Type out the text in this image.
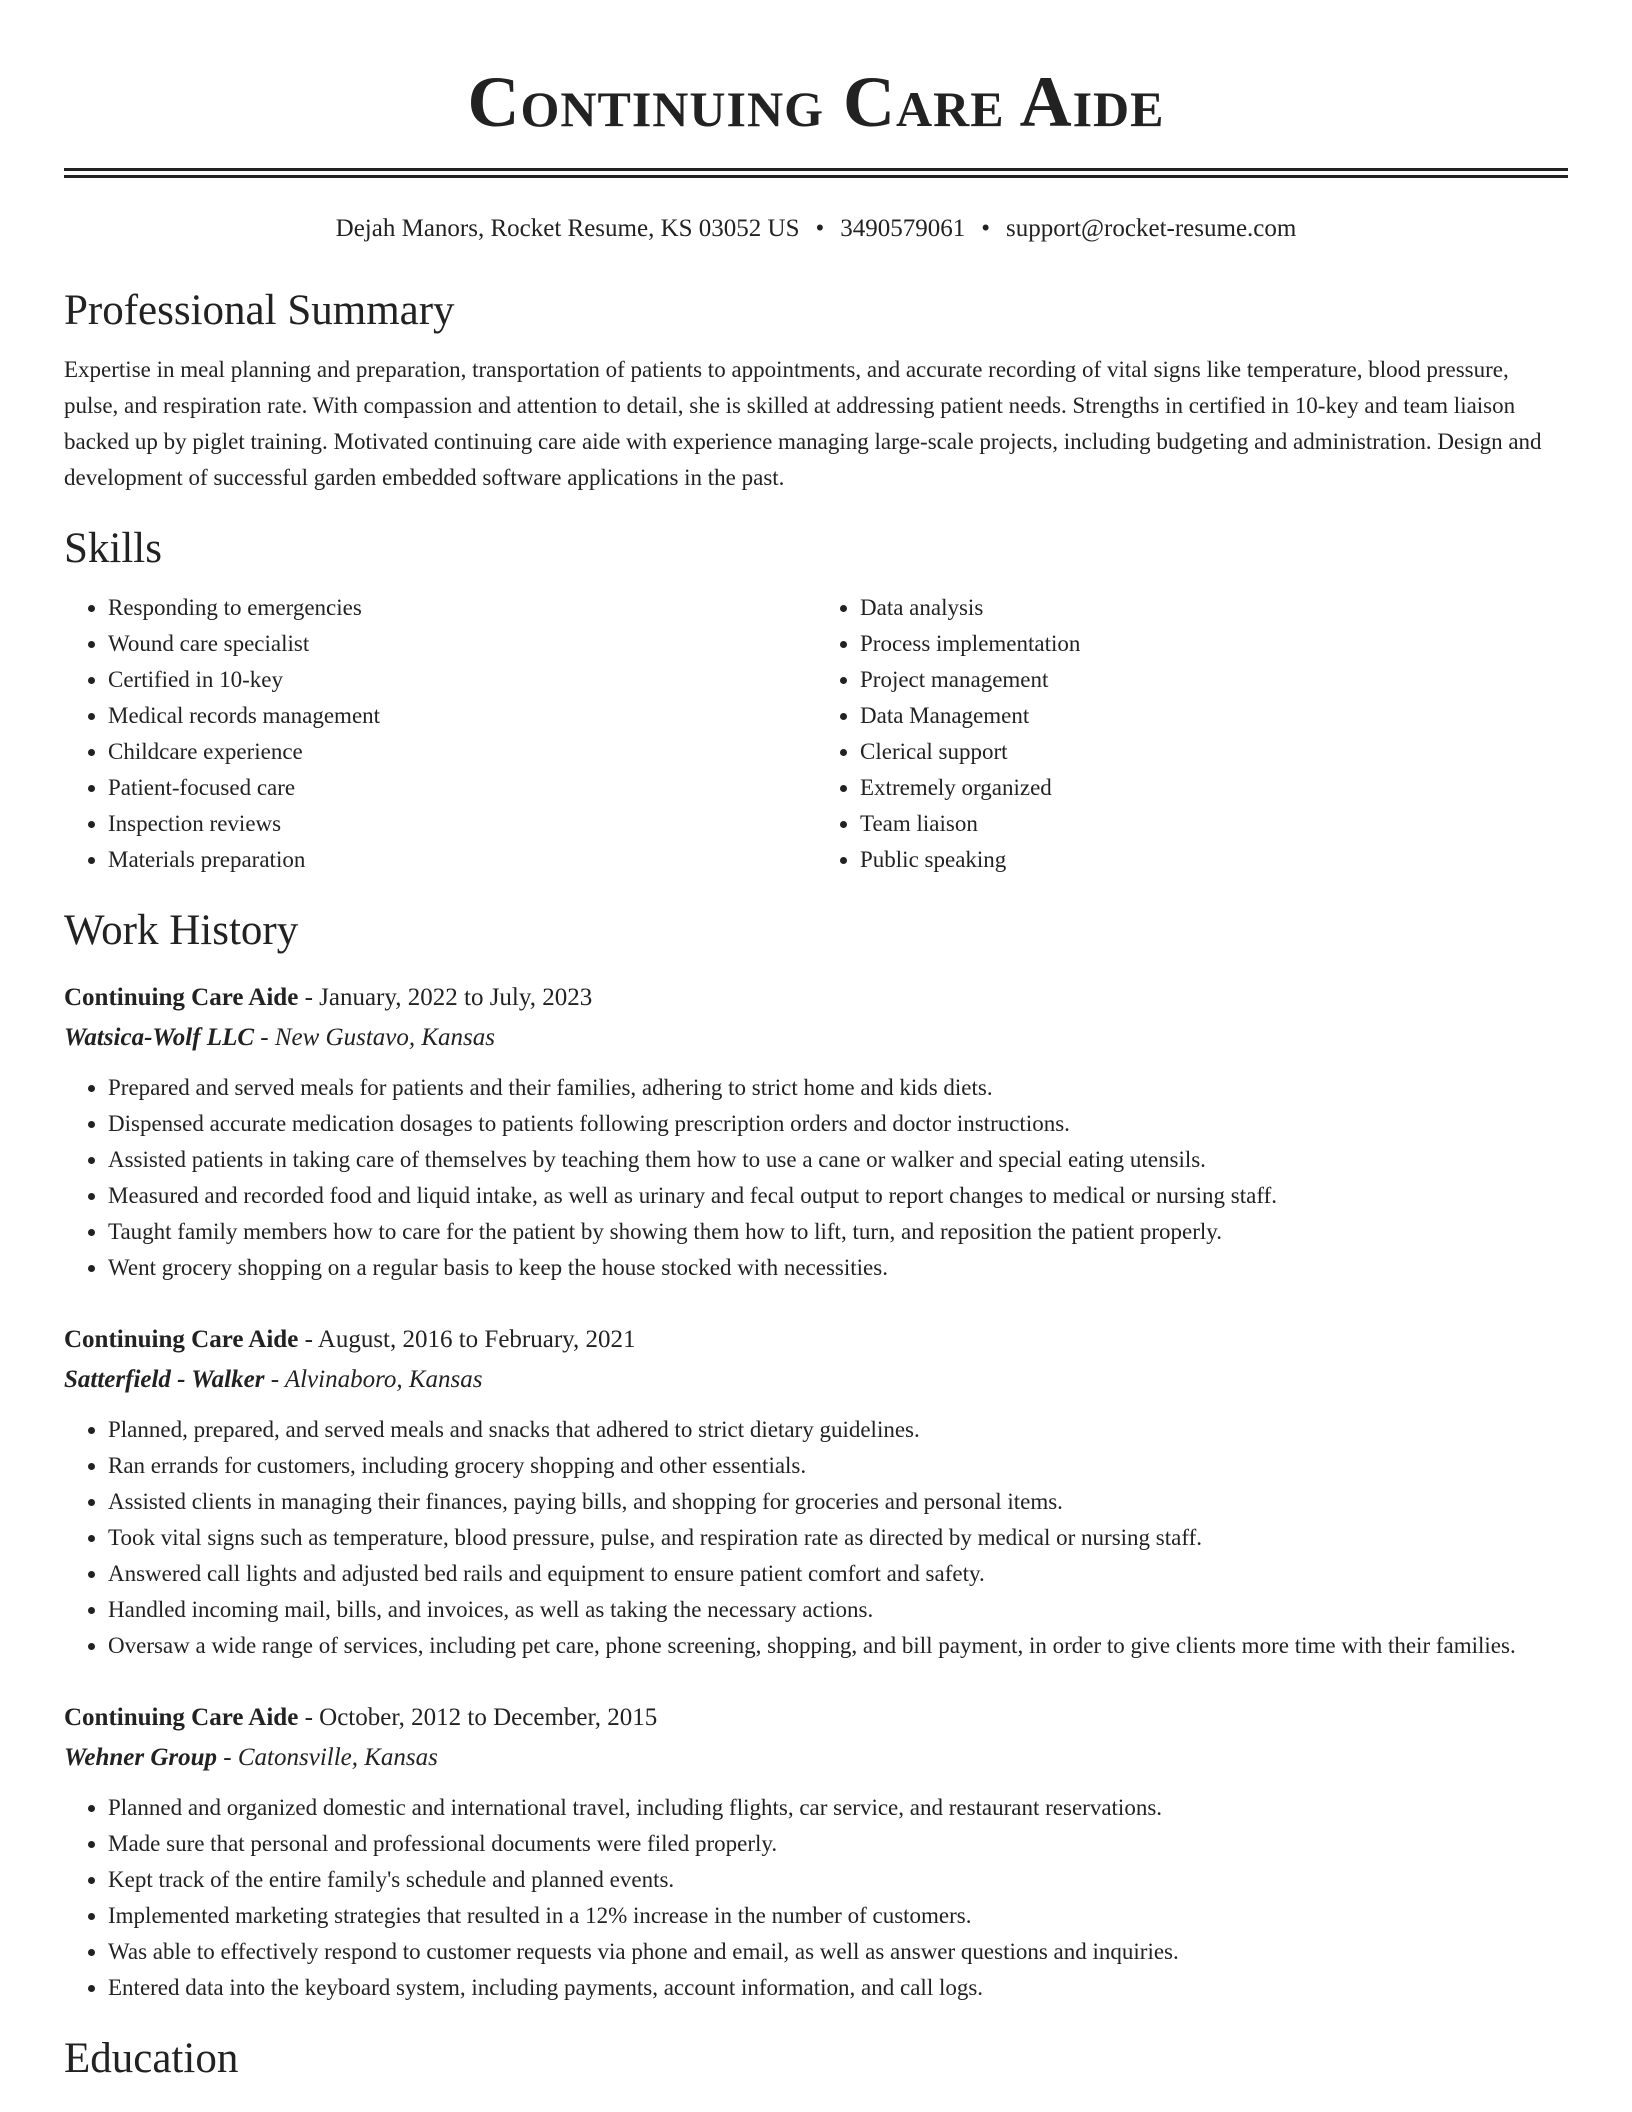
Continuing Care Aide
Dejah Manors, Rocket Resume, KS 03052 US • 3490579061 • support@rocket-resume.com
Professional Summary
Expertise in meal planning and preparation, transportation of patients to appointments, and accurate recording of vital signs like temperature, blood pressure, pulse, and respiration rate. With compassion and attention to detail, she is skilled at addressing patient needs. Strengths in certified in 10-key and team liaison backed up by piglet training. Motivated continuing care aide with experience managing large-scale projects, including budgeting and administration. Design and development of successful garden embedded software applications in the past.
Skills
• Responding to emergencies
• Wound care specialist
• Certified in 10-key
• Medical records management
• Childcare experience
• Patient-focused care
• Inspection reviews
• Materials preparation
• Data analysis
• Process implementation
• Project management
• Data Management
• Clerical support
• Extremely organized
• Team liaison
• Public speaking
Work History
Continuing Care Aide - January, 2022 to July, 2023
Watsica-Wolf LLC - New Gustavo, Kansas
• Prepared and served meals for patients and their families, adhering to strict home and kids diets.
• Dispensed accurate medication dosages to patients following prescription orders and doctor instructions.
• Assisted patients in taking care of themselves by teaching them how to use a cane or walker and special eating utensils.
• Measured and recorded food and liquid intake, as well as urinary and fecal output to report changes to medical or nursing staff.
• Taught family members how to care for the patient by showing them how to lift, turn, and reposition the patient properly.
• Went grocery shopping on a regular basis to keep the house stocked with necessities.
Continuing Care Aide - August, 2016 to February, 2021
Satterfield - Walker - Alvinaboro, Kansas
• Planned, prepared, and served meals and snacks that adhered to strict dietary guidelines.
• Ran errands for customers, including grocery shopping and other essentials.
• Assisted clients in managing their finances, paying bills, and shopping for groceries and personal items.
• Took vital signs such as temperature, blood pressure, pulse, and respiration rate as directed by medical or nursing staff.
• Answered call lights and adjusted bed rails and equipment to ensure patient comfort and safety.
• Handled incoming mail, bills, and invoices, as well as taking the necessary actions.
• Oversaw a wide range of services, including pet care, phone screening, shopping, and bill payment, in order to give clients more time with their families.
Continuing Care Aide - October, 2012 to December, 2015
Wehner Group - Catonsville, Kansas
• Planned and organized domestic and international travel, including flights, car service, and restaurant reservations.
• Made sure that personal and professional documents were filed properly.
• Kept track of the entire family's schedule and planned events.
• Implemented marketing strategies that resulted in a 12% increase in the number of customers.
• Was able to effectively respond to customer requests via phone and email, as well as answer questions and inquiries.
• Entered data into the keyboard system, including payments, account information, and call logs.
Education
